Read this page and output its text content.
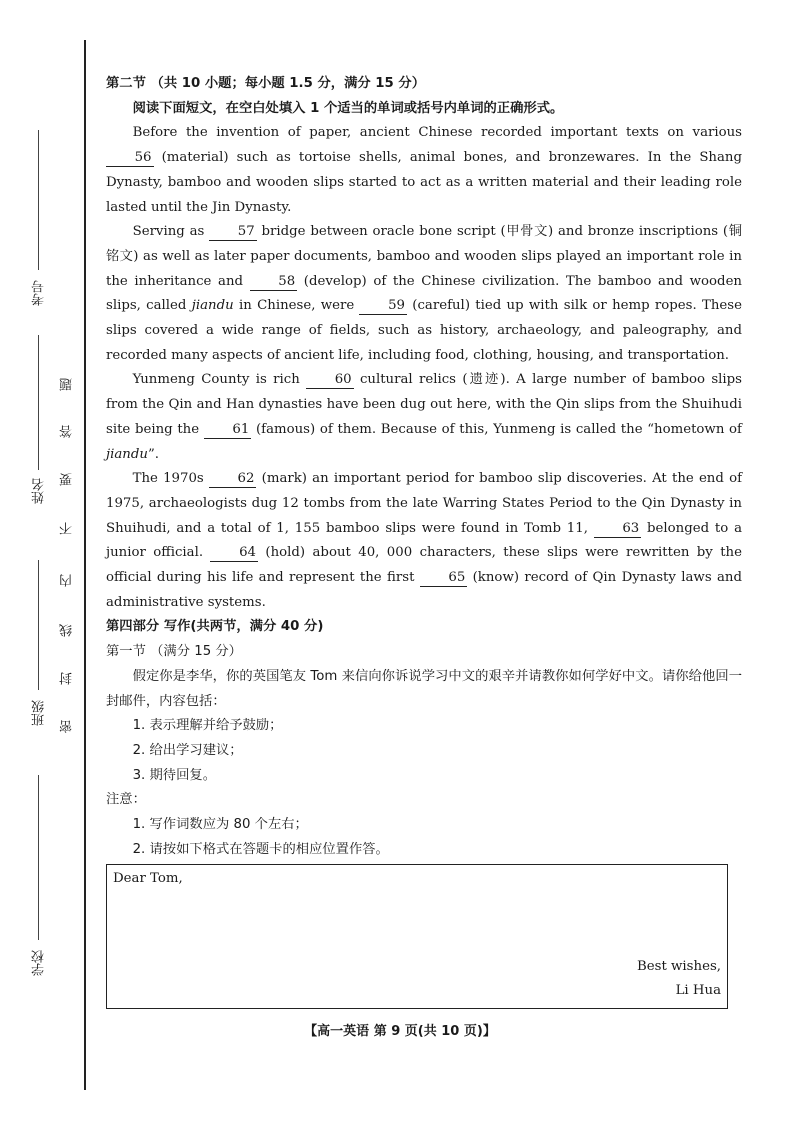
考号
姓名
班级
学校
题
答
要
不
内
线
封
密

第二节 （共 10 小题；每小题 1.5 分，满分 15 分）

阅读下面短文，在空白处填入 1 个适当的单词或括号内单词的正确形式。

Before the invention of paper, ancient Chinese recorded important texts on various 56 (material) such as tortoise shells, animal bones, and bronzewares. In the Shang Dynasty, bamboo and wooden slips started to act as a written material and their leading role lasted until the Jin Dynasty.

Serving as 57 bridge between oracle bone script (甲骨文) and bronze inscriptions (铜铭文) as well as later paper documents, bamboo and wooden slips played an important role in the inheritance and 58 (develop) of the Chinese civilization. The bamboo and wooden slips, called jiandu in Chinese, were 59 (careful) tied up with silk or hemp ropes. These slips covered a wide range of fields, such as history, archaeology, and paleography, and recorded many aspects of ancient life, including food, clothing, housing, and transportation.

Yunmeng County is rich 60 cultural relics (遗迹). A large number of bamboo slips from the Qin and Han dynasties have been dug out here, with the Qin slips from the Shuihudi site being the 61 (famous) of them. Because of this, Yunmeng is called the “hometown of jiandu”.

The 1970s 62 (mark) an important period for bamboo slip discoveries. At the end of 1975, archaeologists dug 12 tombs from the late Warring States Period to the Qin Dynasty in Shuihudi, and a total of 1, 155 bamboo slips were found in Tomb 11, 63 belonged to a junior official. 64 (hold) about 40, 000 characters, these slips were rewritten by the official during his life and represent the first 65 (know) record of Qin Dynasty laws and administrative systems.

第四部分 写作(共两节，满分 40 分)

第一节 （满分 15 分）

假定你是李华，你的英国笔友 Tom 来信向你诉说学习中文的艰辛并请教你如何学好中文。请你给他回一封邮件，内容包括：

1. 表示理解并给予鼓励；

2. 给出学习建议；

3. 期待回复。

注意：

1. 写作词数应为 80 个左右；

2. 请按如下格式在答题卡的相应位置作答。

Dear Tom,
Best wishes,
Li Hua
【高一英语 第 9 页(共 10 页)】
